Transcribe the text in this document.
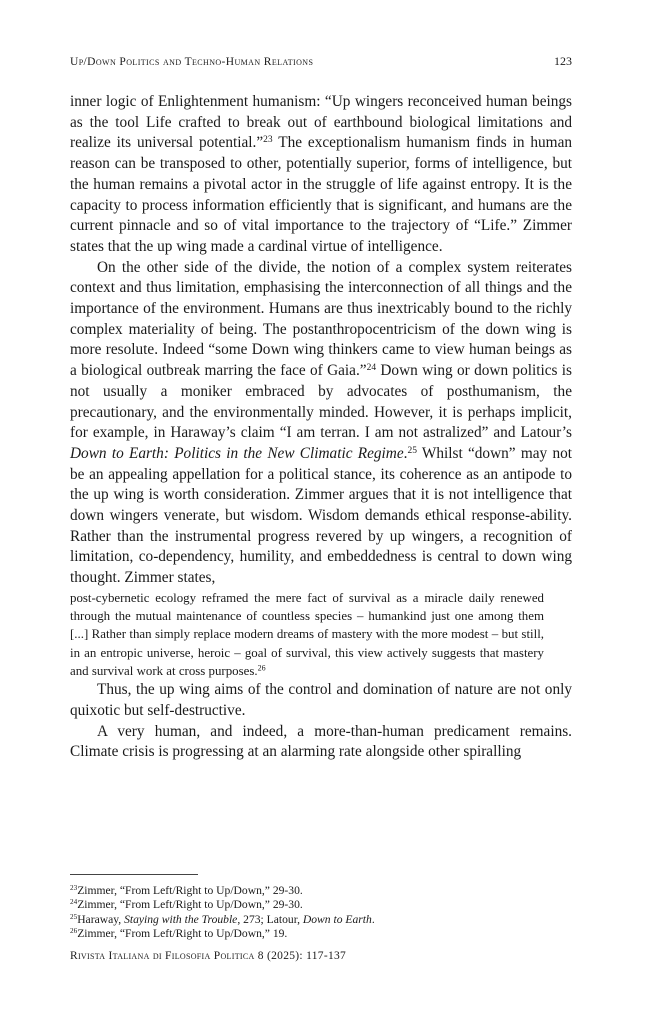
Up/Down Politics and Techno-Human Relations	123

inner logic of Enlightenment humanism: “Up wingers reconceived human beings as the tool Life crafted to break out of earthbound biological limitations and realize its universal potential.”$^{23}$ The exceptionalism humanism finds in human reason can be transposed to other, potentially superior, forms of intelligence, but the human remains a pivotal actor in the struggle of life against entropy. It is the capacity to process information efficiently that is significant, and humans are the current pinnacle and so of vital importance to the trajectory of “Life.” Zimmer states that the up wing made a cardinal virtue of intelligence.

On the other side of the divide, the notion of a complex system reiterates context and thus limitation, emphasising the interconnection of all things and the importance of the environment. Humans are thus inextricably bound to the richly complex materiality of being. The postanthropocentricism of the down wing is more resolute. Indeed “some Down wing thinkers came to view human beings as a biological outbreak marring the face of Gaia.”$^{24}$ Down wing or down politics is not usually a moniker embraced by advocates of posthumanism, the precautionary, and the environmentally minded. However, it is perhaps implicit, for example, in Haraway’s claim “I am terran. I am not astralized” and Latour’s Down to Earth: Politics in the New Climatic Regime.$^{25}$ Whilst “down” may not be an appealing appellation for a political stance, its coherence as an antipode to the up wing is worth consideration. Zimmer argues that it is not intelligence that down wingers venerate, but wisdom. Wisdom demands ethical response-ability. Rather than the instrumental progress revered by up wingers, a recognition of limitation, co-dependency, humility, and embeddedness is central to down wing thought. Zimmer states,

post-cybernetic ecology reframed the mere fact of survival as a miracle daily renewed through the mutual maintenance of countless species – humankind just one among them [...] Rather than simply replace modern dreams of mastery with the more modest – but still, in an entropic universe, heroic – goal of survival, this view actively suggests that mastery and survival work at cross purposes.$^{26}$

Thus, the up wing aims of the control and domination of nature are not only quixotic but self-destructive.

A very human, and indeed, a more-than-human predicament remains. Climate crisis is progressing at an alarming rate alongside other spiralling

$^{23}$Zimmer, “From Left/Right to Up/Down,” 29-30.
$^{24}$Zimmer, “From Left/Right to Up/Down,” 29-30.
$^{25}$Haraway, Staying with the Trouble, 273; Latour, Down to Earth.
$^{26}$Zimmer, “From Left/Right to Up/Down,” 19.
Rivista Italiana di Filosofia Politica 8 (2025): 117-137
